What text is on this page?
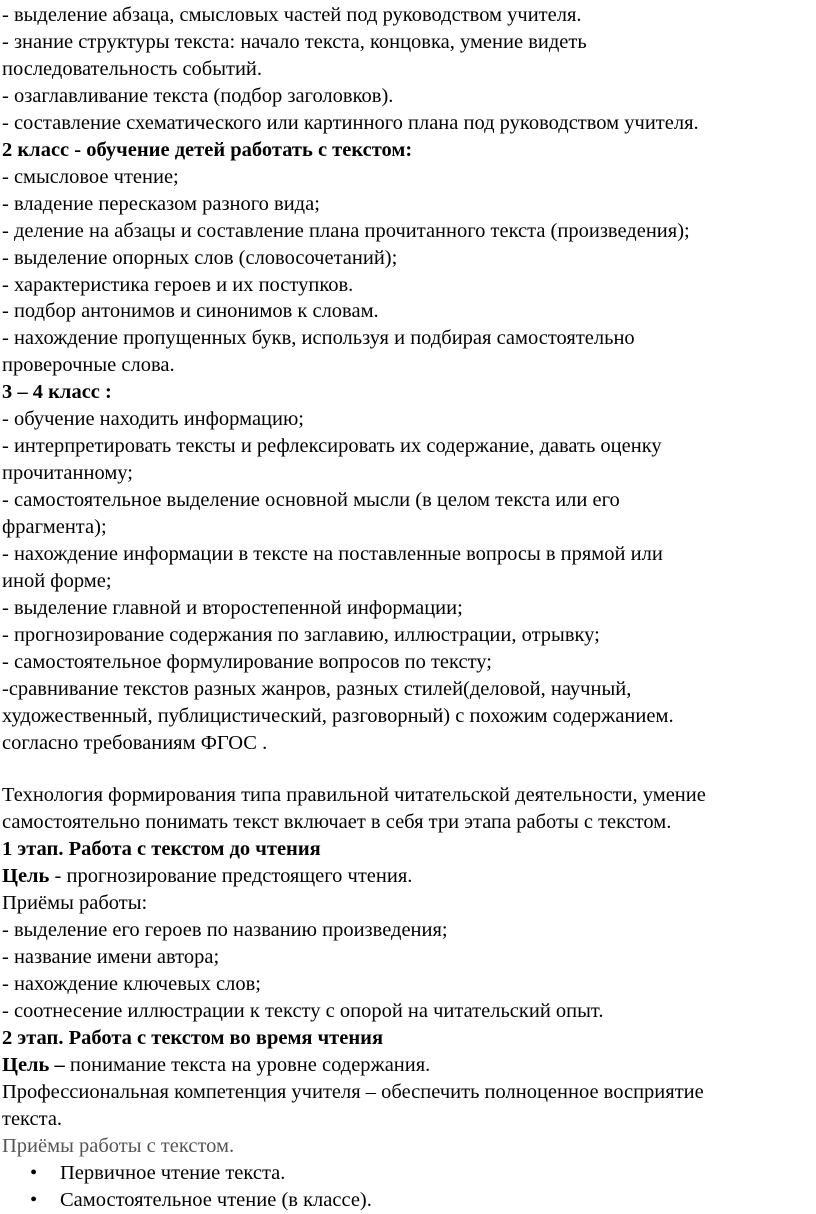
- выделение абзаца, смысловых частей под руководством учителя.
- знание структуры текста: начало текста, концовка, умение видеть
последовательность событий.
- озаглавливание текста (подбор заголовков).
- составление схематического или картинного плана под руководством учителя.
2 класс - обучение детей работать с текстом:
- смысловое чтение;
- владение пересказом разного вида;
- деление на абзацы и составление плана прочитанного текста (произведения);
- выделение опорных слов (словосочетаний);
- характеристика героев и их поступков.
- подбор антонимов и синонимов к словам.
- нахождение пропущенных букв, используя и подбирая самостоятельно
проверочные слова.
3 – 4 класс :
- обучение находить информацию;
- интерпретировать тексты и рефлексировать их содержание, давать оценку
прочитанному;
- самостоятельное выделение основной мысли (в целом текста или его
фрагмента);
- нахождение информации в тексте на поставленные вопросы в прямой или
иной форме;
- выделение главной и второстепенной информации;
- прогнозирование содержания по заглавию, иллюстрации, отрывку;
- самостоятельное формулирование вопросов по тексту;
-сравнивание текстов разных жанров, разных стилей(деловой, научный,
художественный, публицистический, разговорный) с похожим содержанием.
согласно требованиям ФГОС .
Технология формирования типа правильной читательской деятельности, умение
самостоятельно понимать текст включает в себя три этапа работы с текстом.
1 этап. Работа с текстом до чтения
Цель - прогнозирование предстоящего чтения.
Приёмы работы:
- выделение его героев по названию произведения;
- название имени автора;
- нахождение ключевых слов;
- соотнесение иллюстрации к тексту с опорой на читательский опыт.
2 этап. Работа с текстом во время чтения
Цель – понимание текста на уровне содержания.
Профессиональная компетенция учителя – обеспечить полноценное восприятие
текста.
Приёмы работы с текстом.
• Первичное чтение текста.
• Самостоятельное чтение (в классе).
